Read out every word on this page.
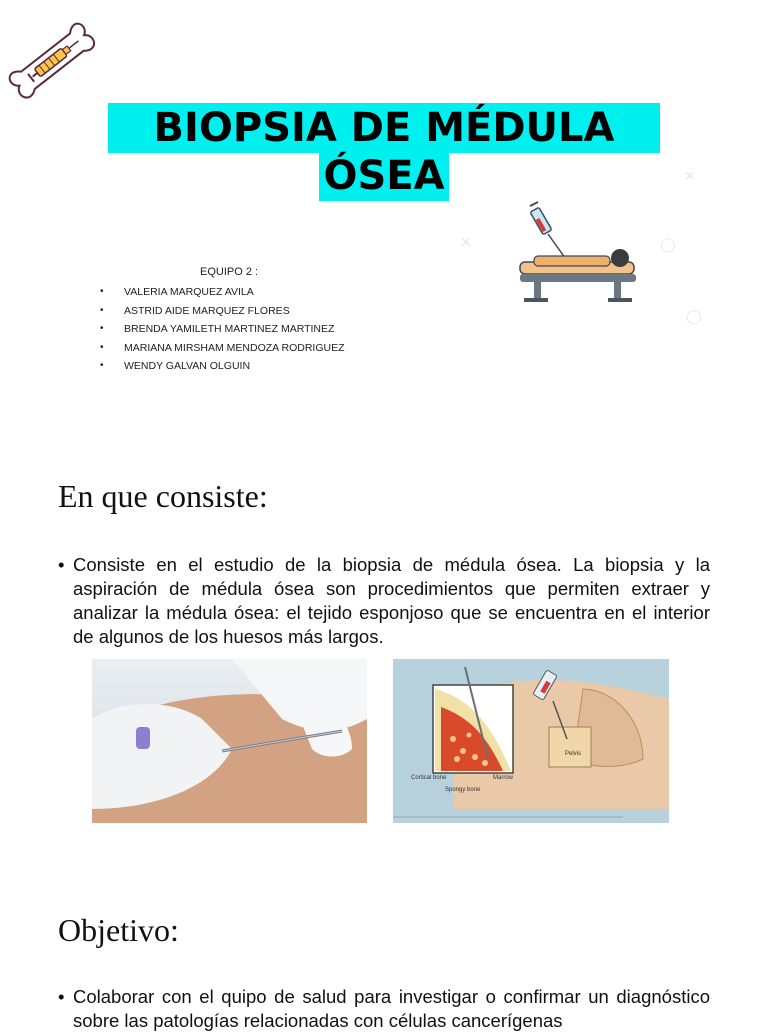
✕
◯
◯
✕
BIOPSIA DE MÉDULA
ÓSEA
EQUIPO 2 :
• VALERIA MARQUEZ AVILA
• ASTRID AIDE MARQUEZ FLORES
• BRENDA YAMILETH MARTINEZ MARTINEZ
• MARIANA MIRSHAM MENDOZA RODRIGUEZ
• WENDY GALVAN OLGUIN
En que consiste:

• Consiste en el estudio de la biopsia de médula ósea. La biopsia y la aspiración de médula ósea son procedimientos que permiten extraer y analizar la médula ósea: el tejido esponjoso que se encuentra en el interior de algunos de los huesos más largos.

Cortical bone	Marrow
Spongy bone
Pelvis
Objetivo:

• Colaborar con el quipo de salud para investigar o confirmar un diagnóstico sobre las patologías relacionadas con células cancerígenas
